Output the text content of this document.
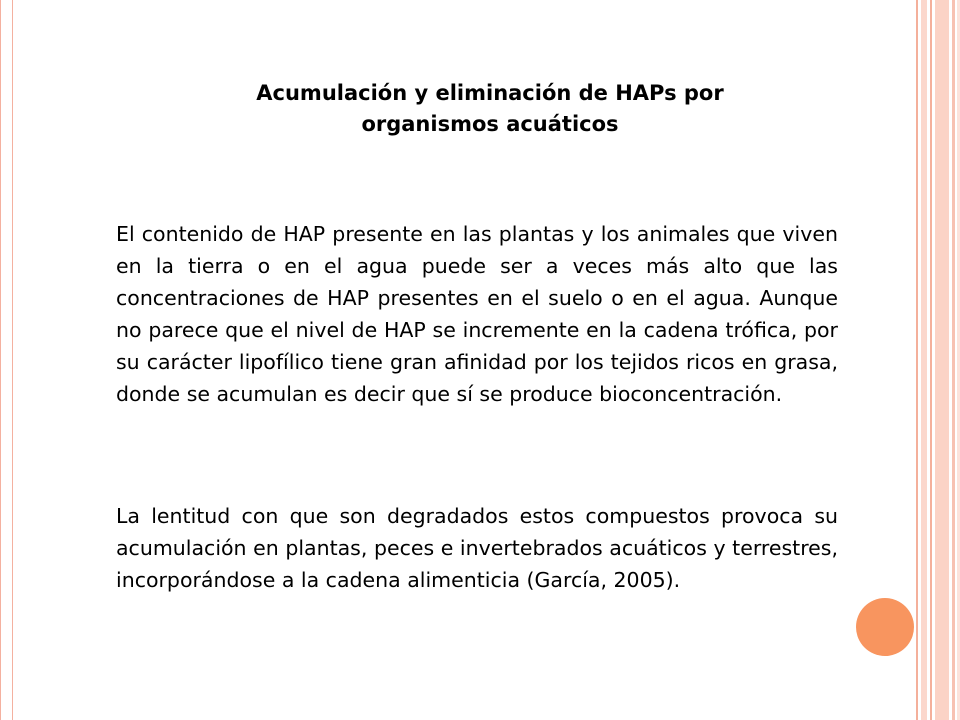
Acumulación y eliminación de HAPs por
organismos acuáticos
El contenido de HAP presente en las plantas y los animales que viven en la tierra o en el agua puede ser a veces más alto que las concentraciones de HAP presentes en el suelo o en el agua. Aunque no parece que el nivel de HAP se incremente en la cadena trófica, por su carácter lipofílico tiene gran afinidad por los tejidos ricos en grasa, donde se acumulan es decir que sí se produce bioconcentración.
La lentitud con que son degradados estos compuestos provoca su acumulación en plantas, peces e invertebrados acuáticos y terrestres, incorporándose a la cadena alimenticia (García, 2005).
